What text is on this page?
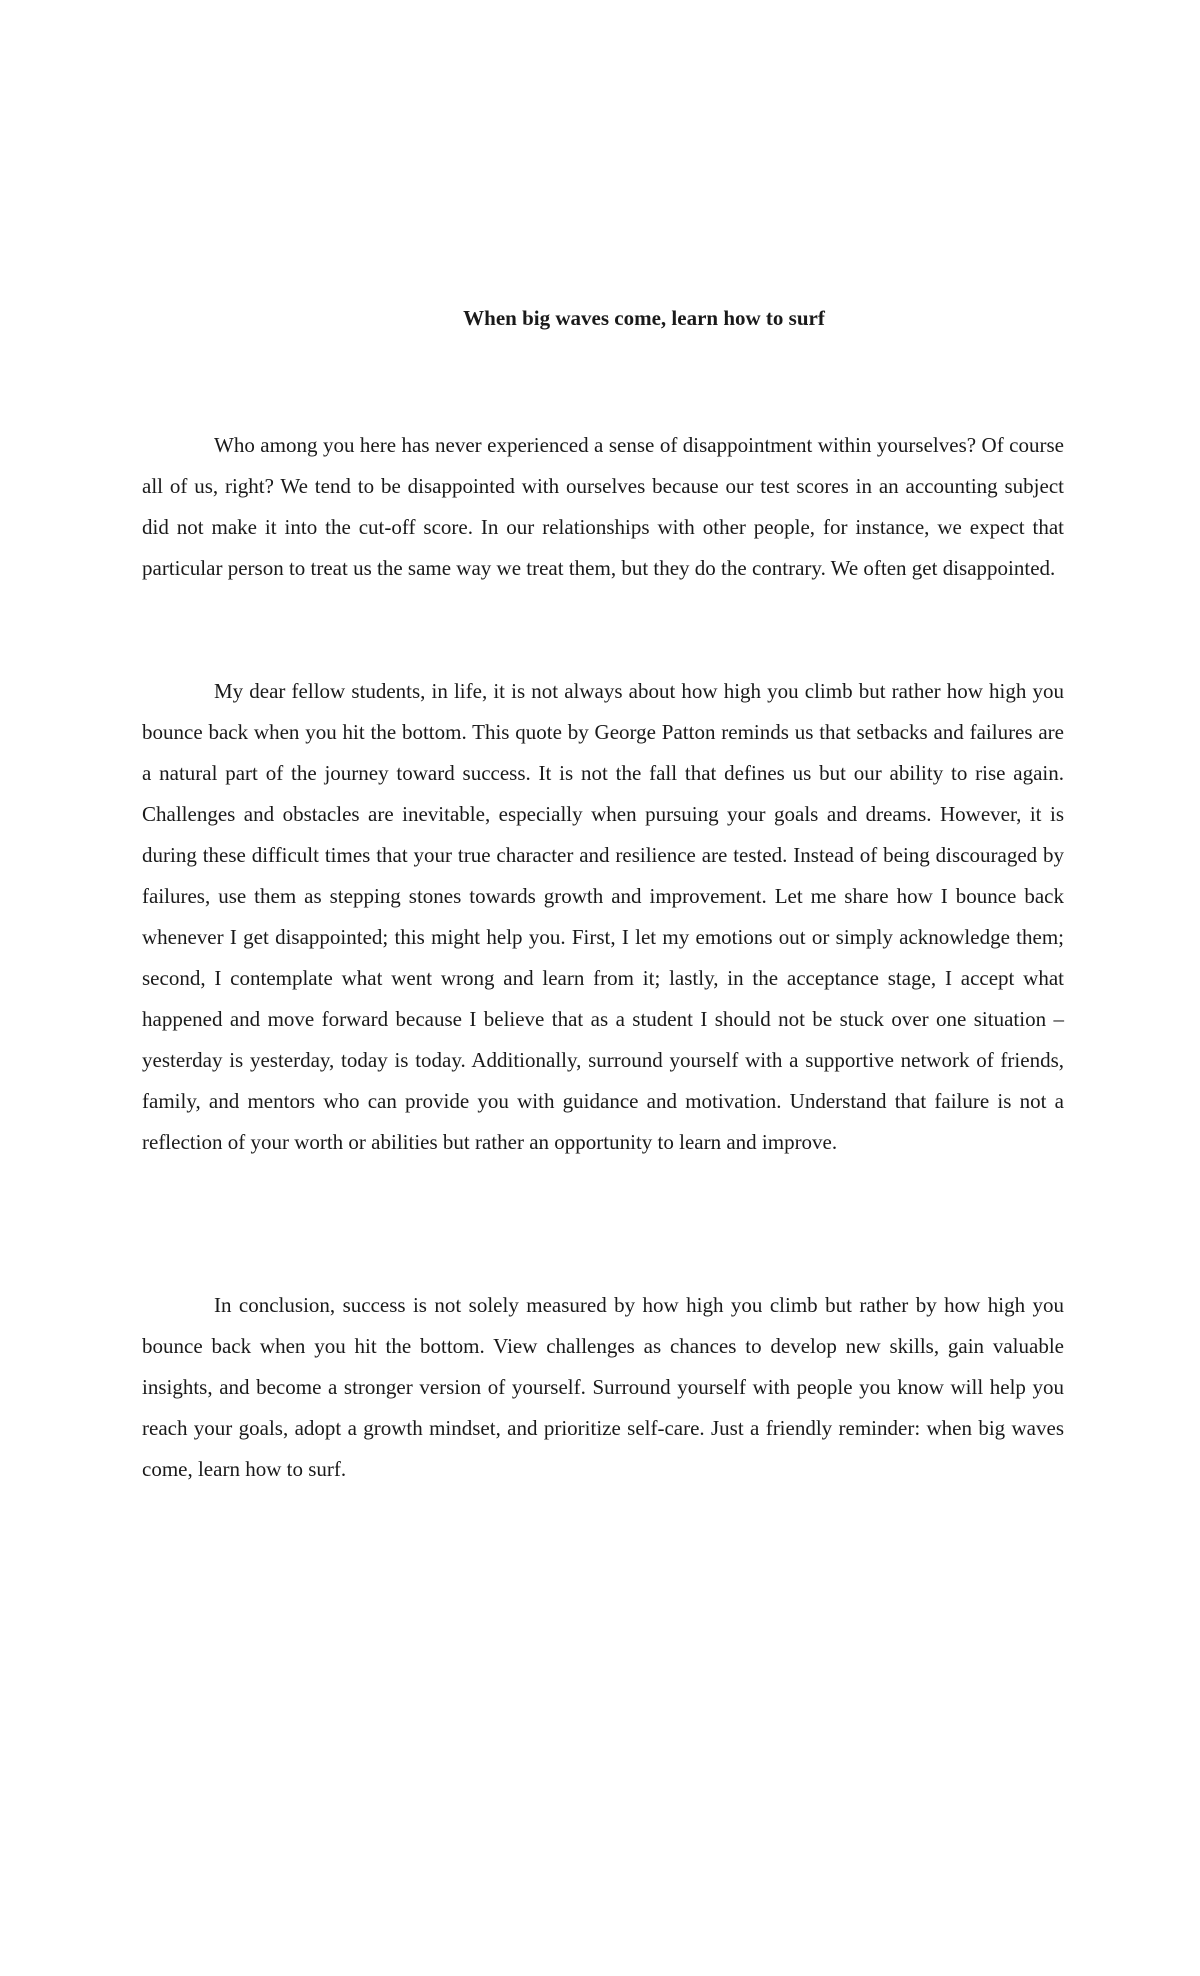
When big waves come, learn how to surf

Who among you here has never experienced a sense of disappointment within yourselves? Of course all of us, right? We tend to be disappointed with ourselves because our test scores in an accounting subject did not make it into the cut-off score. In our relationships with other people, for instance, we expect that particular person to treat us the same way we treat them, but they do the contrary. We often get disappointed.

My dear fellow students, in life, it is not always about how high you climb but rather how high you bounce back when you hit the bottom. This quote by George Patton reminds us that setbacks and failures are a natural part of the journey toward success. It is not the fall that defines us but our ability to rise again. Challenges and obstacles are inevitable, especially when pursuing your goals and dreams. However, it is during these difficult times that your true character and resilience are tested. Instead of being discouraged by failures, use them as stepping stones towards growth and improvement. Let me share how I bounce back whenever I get disappointed; this might help you. First, I let my emotions out or simply acknowledge them; second, I contemplate what went wrong and learn from it; lastly, in the acceptance stage, I accept what happened and move forward because I believe that as a student I should not be stuck over one situation –yesterday is yesterday, today is today. Additionally, surround yourself with a supportive network of friends, family, and mentors who can provide you with guidance and motivation. Understand that failure is not a reflection of your worth or abilities but rather an opportunity to learn and improve.

In conclusion, success is not solely measured by how high you climb but rather by how high you bounce back when you hit the bottom. View challenges as chances to develop new skills, gain valuable insights, and become a stronger version of yourself. Surround yourself with people you know will help you reach your goals, adopt a growth mindset, and prioritize self-care. Just a friendly reminder: when big waves come, learn how to surf.
